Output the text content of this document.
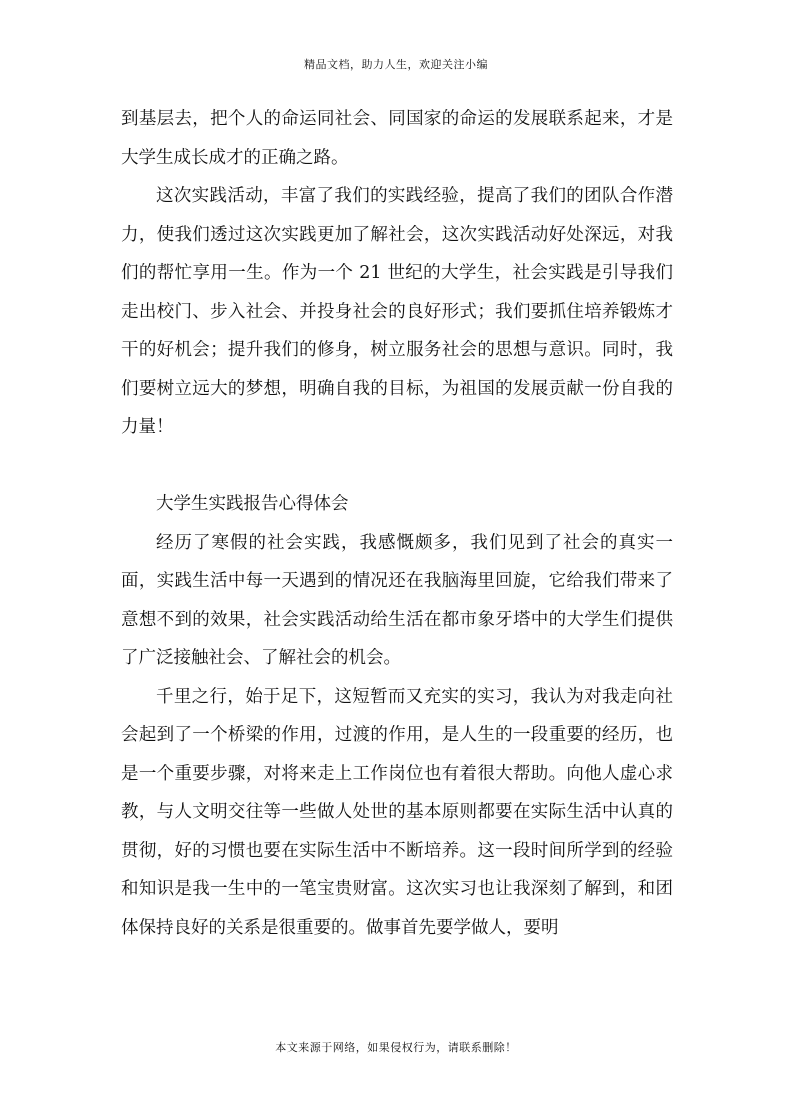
精品文档，助力人生，欢迎关注小编

到基层去，把个人的命运同社会、同国家的命运的发展联系起来，才是大学生成长成才的正确之路。

这次实践活动，丰富了我们的实践经验，提高了我们的团队合作潜力，使我们透过这次实践更加了解社会，这次实践活动好处深远，对我们的帮忙享用一生。作为一个 21 世纪的大学生，社会实践是引导我们走出校门、步入社会、并投身社会的良好形式；我们要抓住培养锻炼才干的好机会；提升我们的修身，树立服务社会的思想与意识。同时，我们要树立远大的梦想，明确自我的目标，为祖国的发展贡献一份自我的力量！

大学生实践报告心得体会

经历了寒假的社会实践，我感慨颇多，我们见到了社会的真实一面，实践生活中每一天遇到的情况还在我脑海里回旋，它给我们带来了意想不到的效果，社会实践活动给生活在都市象牙塔中的大学生们提供了广泛接触社会、了解社会的机会。

千里之行，始于足下，这短暂而又充实的实习，我认为对我走向社会起到了一个桥梁的作用，过渡的作用，是人生的一段重要的经历，也是一个重要步骤，对将来走上工作岗位也有着很大帮助。向他人虚心求教，与人文明交往等一些做人处世的基本原则都要在实际生活中认真的贯彻，好的习惯也要在实际生活中不断培养。这一段时间所学到的经验和知识是我一生中的一笔宝贵财富。这次实习也让我深刻了解到，和团体保持良好的关系是很重要的。做事首先要学做人，要明

本文来源于网络，如果侵权行为，请联系删除！
